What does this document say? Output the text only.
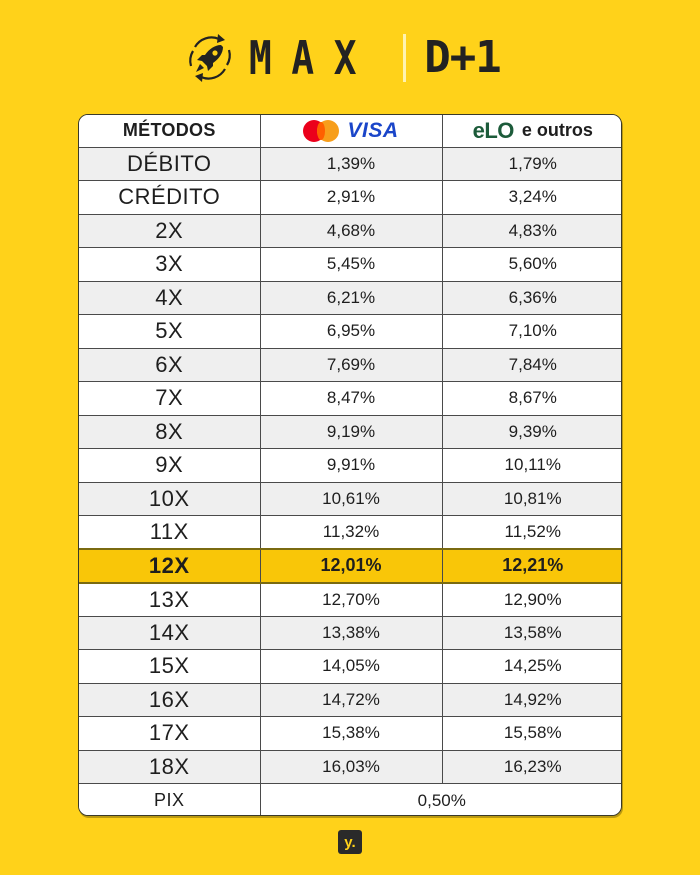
MAX D+1
MÉTODOS	VISA	eLO e outros

DÉBITO	1,39%	1,79%
CRÉDITO	2,91%	3,24%
2X	4,68%	4,83%
3X	5,45%	5,60%
4X	6,21%	6,36%
5X	6,95%	7,10%
6X	7,69%	7,84%
7X	8,47%	8,67%
8X	9,19%	9,39%
9X	9,91%	10,11%
10X	10,61%	10,81%
11X	11,32%	11,52%
12X	12,01%	12,21%
13X	12,70%	12,90%
14X	13,38%	13,58%
15X	14,05%	14,25%
16X	14,72%	14,92%
17X	15,38%	15,58%
18X	16,03%	16,23%
PIX	0,50%	
y.
